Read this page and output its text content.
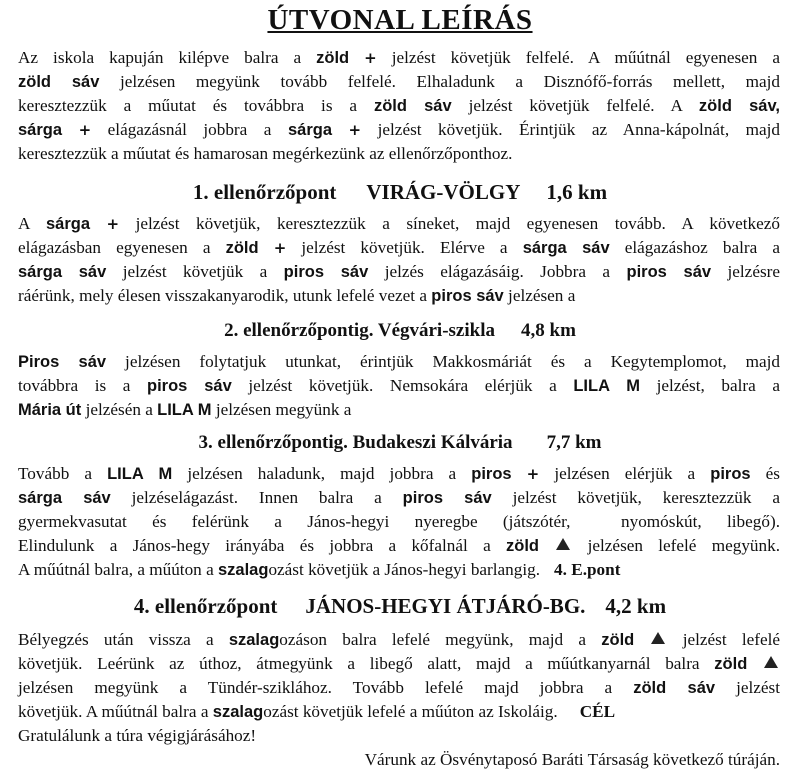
ÚTVONAL LEÍRÁS
Az iskola kapuján kilépve balra a zöld + jelzést követjük felfelé. A műútnál egyenesen a
zöld sáv jelzésen megyünk tovább felfelé. Elhaladunk a Disznófő-forrás mellett, majd
keresztezzük a műutat és továbbra is a zöld sáv jelzést követjük felfelé. A zöld sáv,
sárga + elágazásnál jobbra a sárga + jelzést követjük. Érintjük az Anna-kápolnát, majd
keresztezzük a műutat és hamarosan megérkezünk az ellenőrzőponthoz.
1. ellenőrzőpont VIRÁG-VÖLGY 1,6 km
A sárga + jelzést követjük, keresztezzük a síneket, majd egyenesen tovább. A következő
elágazásban egyenesen a zöld + jelzést követjük. Elérve a sárga sáv elágazáshoz balra a
sárga sáv jelzést követjük a piros sáv jelzés elágazásáig. Jobbra a piros sáv jelzésre
ráérünk, mely élesen visszakanyarodik, utunk lefelé vezet a piros sáv jelzésen a
2. ellenőrzőpontig. Végvári-szikla 4,8 km
Piros sáv jelzésen folytatjuk utunkat, érintjük Makkosmáriát és a Kegytemplomot, majd
továbbra is a piros sáv jelzést követjük. Nemsokára elérjük a LILA M jelzést, balra a
Mária út jelzésén a LILA M jelzésen megyünk a
3. ellenőrzőpontig. Budakeszi Kálvária 7,7 km
Tovább a LILA M jelzésen haladunk, majd jobbra a piros + jelzésen elérjük a piros és
sárga sáv jelzéselágazást. Innen balra a piros sáv jelzést követjük, keresztezzük a
gyermekvasutat és felérünk a János-hegyi nyeregbe (játszótér,  nyomóskút, libegő).
Elindulunk a János-hegy irányába és jobbra a kőfalnál a zöld  jelzésen lefelé megyünk.
A műútnál balra, a műúton a szalagozást követjük a János-hegyi barlangig. 4. E.pont
4. ellenőrzőpont JÁNOS-HEGYI ÁTJÁRÓ-BG. 4,2 km
Bélyegzés után vissza a szalagozáson balra lefelé megyünk, majd a zöld  jelzést lefelé
követjük. Leérünk az úthoz, átmegyünk a libegő alatt, majd a műútkanyarnál balra zöld
jelzésen megyünk a Tündér-sziklához. Tovább lefelé majd jobbra a zöld sáv jelzést
követjük. A műútnál balra a szalagozást követjük lefelé a műúton az Iskoláig. CÉL
Gratulálunk a túra végigjárásához!
Várunk az Ösvénytaposó Baráti Társaság következő túráján.
